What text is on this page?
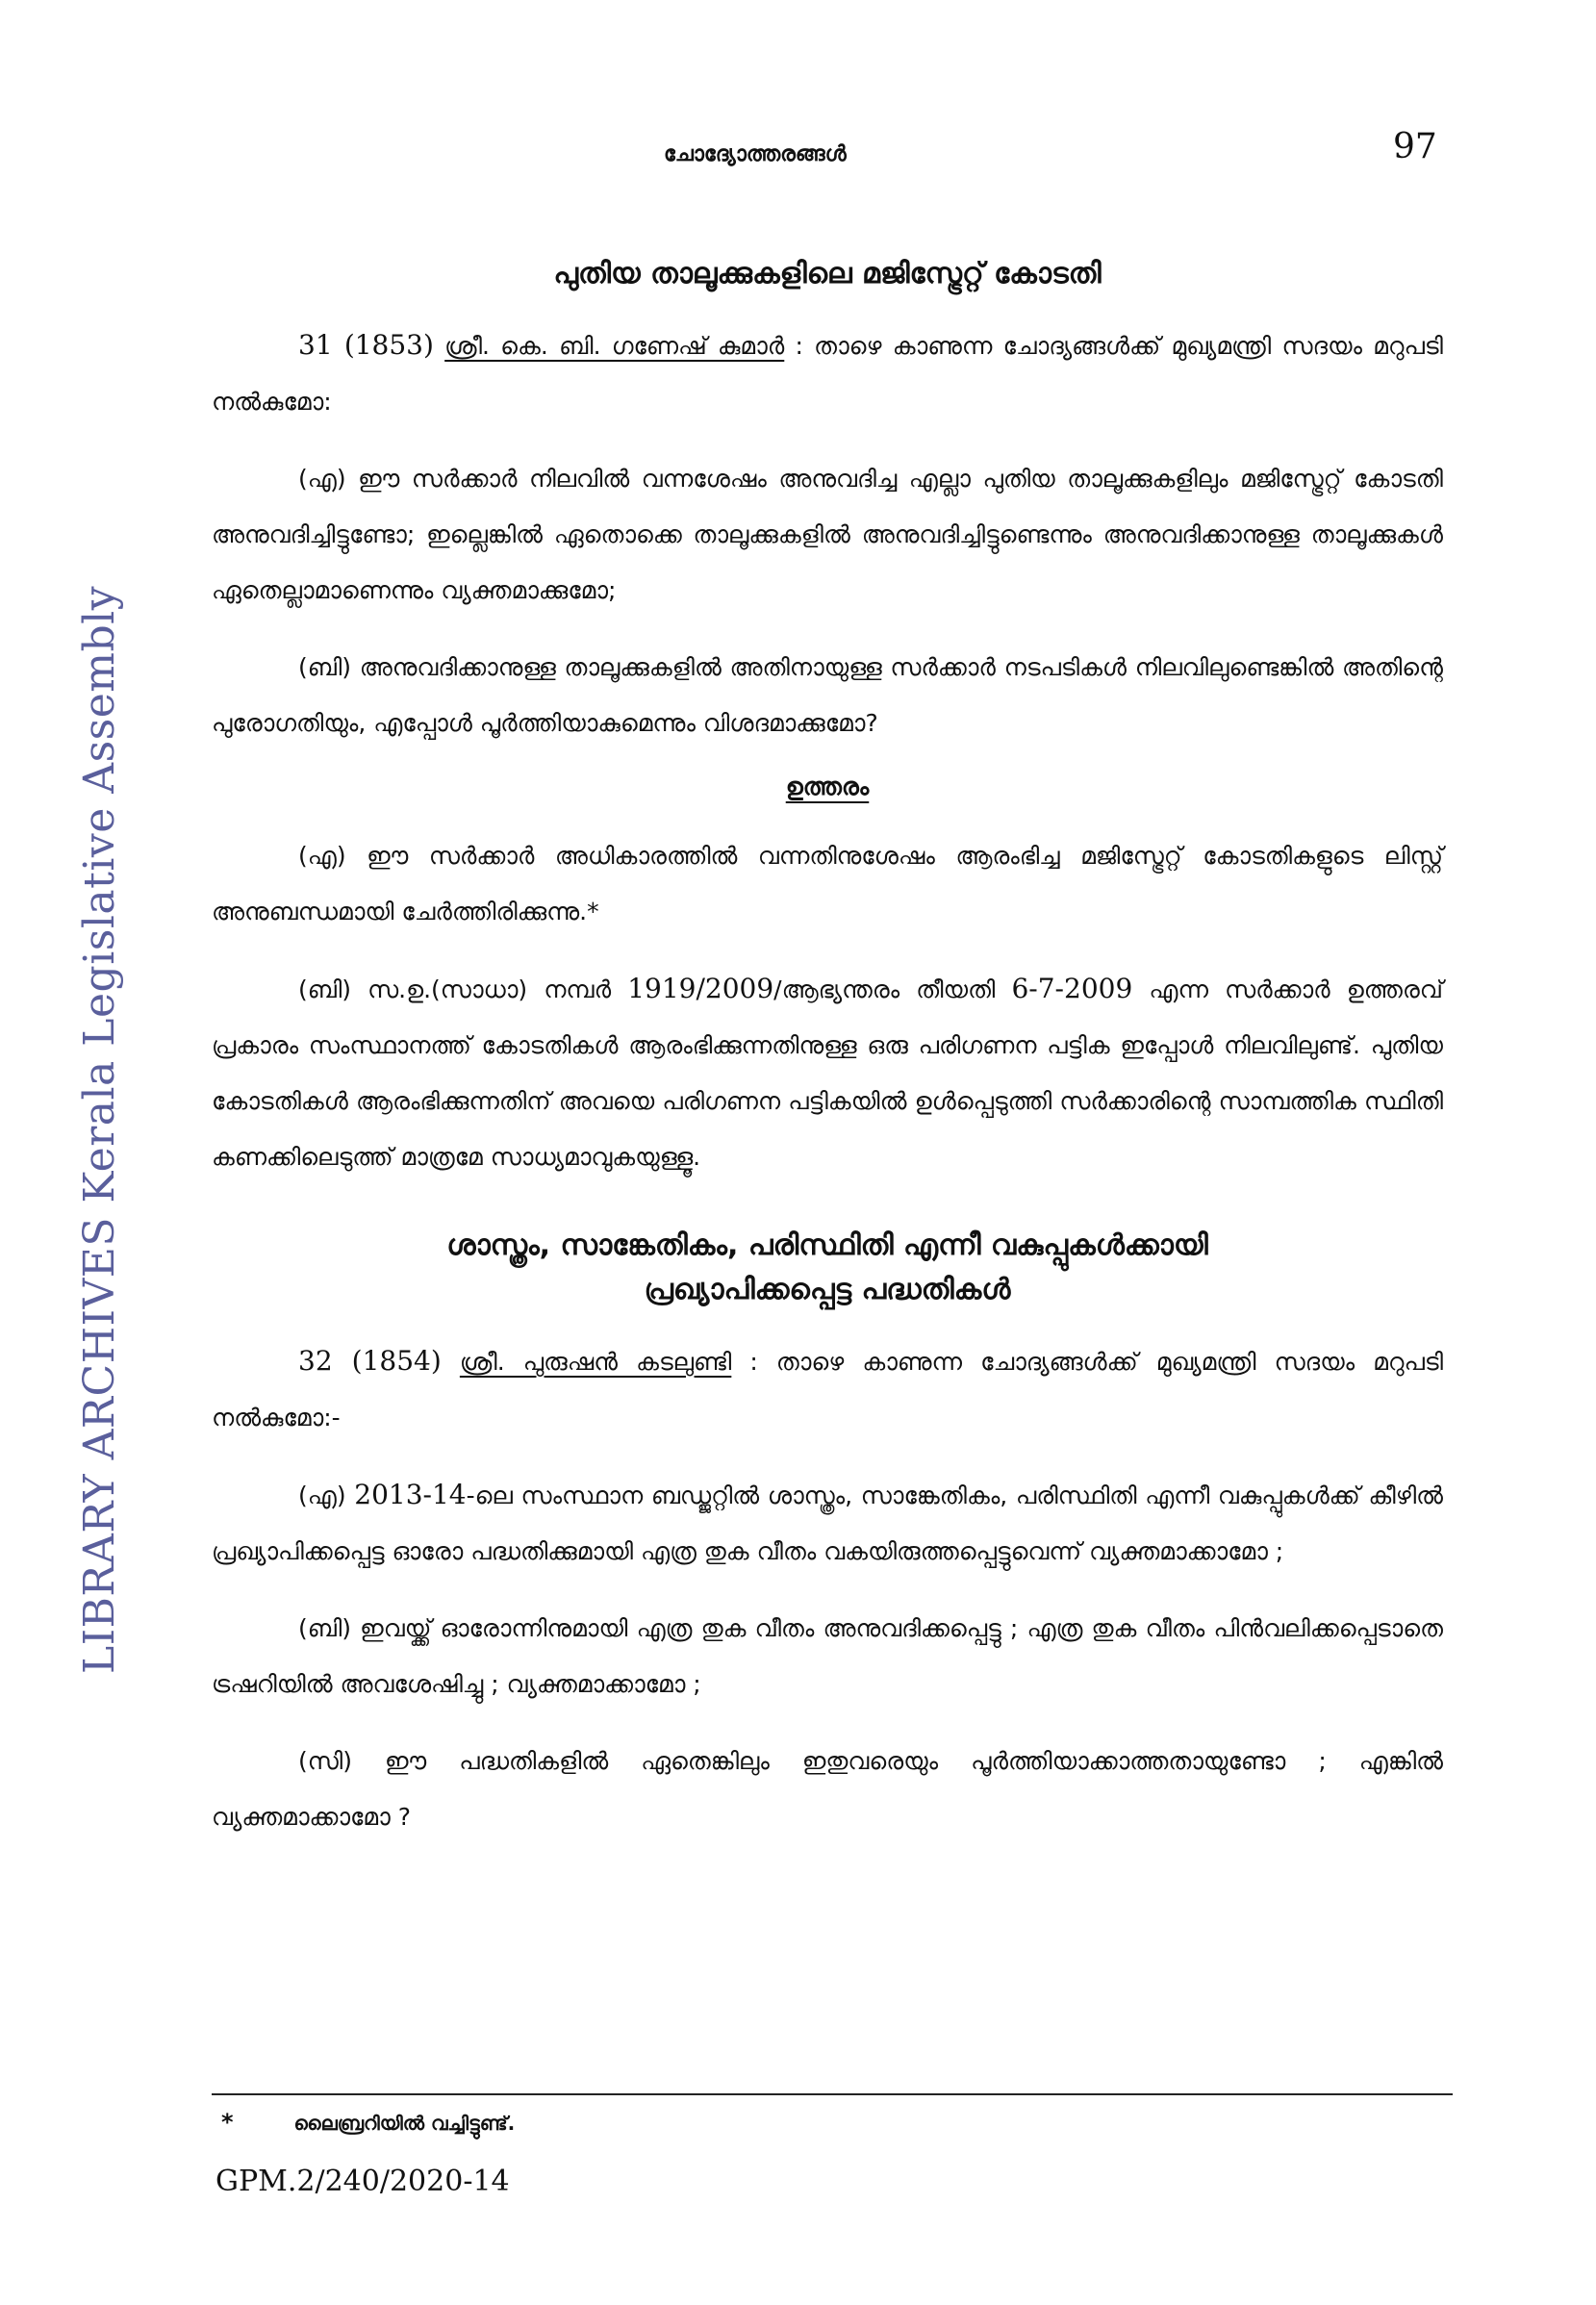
LIBRARY ARCHIVES Kerala Legislative Assembly
ചോദ്യോത്തരങ്ങൾ	97
പുതിയ താലൂക്കുകളിലെ മജിസ്ട്രേറ്റ് കോടതി

31 (1853) ശ്രീ. കെ. ബി. ഗണേഷ് കുമാർ : താഴെ കാണുന്ന ചോദ്യങ്ങൾക്ക് മുഖ്യമന്ത്രി സദയം മറുപടി നൽകുമോ:

(എ) ഈ സർക്കാർ നിലവിൽ വന്നശേഷം അനുവദിച്ച എല്ലാ പുതിയ താലൂക്കുകളിലും മജിസ്ട്രേറ്റ് കോടതി അനുവദിച്ചിട്ടുണ്ടോ; ഇല്ലെങ്കിൽ ഏതൊക്കെ താലൂക്കുകളിൽ അനുവദിച്ചിട്ടുണ്ടെന്നും അനുവദിക്കാനുള്ള താലൂക്കുകൾ ഏതെല്ലാമാണെന്നും വ്യക്തമാക്കുമോ;

(ബി) അനുവദിക്കാനുള്ള താലൂക്കുകളിൽ അതിനായുള്ള സർക്കാർ നടപടികൾ നിലവിലുണ്ടെങ്കിൽ അതിന്റെ പുരോഗതിയും, എപ്പോൾ പൂർത്തിയാകുമെന്നും വിശദമാക്കുമോ?

ഉത്തരം

(എ) ഈ സർക്കാർ അധികാരത്തിൽ വന്നതിനുശേഷം ആരംഭിച്ച മജിസ്ട്രേറ്റ് കോടതികളുടെ ലിസ്റ്റ് അനുബന്ധമായി ചേർത്തിരിക്കുന്നു.*

(ബി) സ.ഉ.(സാധാ) നമ്പർ 1919/2009/ആഭ്യന്തരം തീയതി 6-7-2009 എന്ന സർക്കാർ ഉത്തരവ് പ്രകാരം സംസ്ഥാനത്ത് കോടതികൾ ആരംഭിക്കുന്നതിനുള്ള ഒരു പരിഗണന പട്ടിക ഇപ്പോൾ നിലവിലുണ്ട്. പുതിയ കോടതികൾ ആരംഭിക്കുന്നതിന് അവയെ പരിഗണന പട്ടികയിൽ ഉൾപ്പെടുത്തി സർക്കാരിന്റെ സാമ്പത്തിക സ്ഥിതി കണക്കിലെടുത്ത് മാത്രമേ സാധ്യമാവുകയുള്ളൂ.

ശാസ്ത്രം, സാങ്കേതികം, പരിസ്ഥിതി എന്നീ വകുപ്പുകൾക്കായി
പ്രഖ്യാപിക്കപ്പെട്ട പദ്ധതികൾ

32 (1854) ശ്രീ. പുരുഷൻ കടലുണ്ടി : താഴെ കാണുന്ന ചോദ്യങ്ങൾക്ക് മുഖ്യമന്ത്രി സദയം മറുപടി നൽകുമോ:-

(എ) 2013-14-ലെ സംസ്ഥാന ബഡ്ജറ്റിൽ ശാസ്ത്രം, സാങ്കേതികം, പരിസ്ഥിതി എന്നീ വകുപ്പുകൾക്ക് കീഴിൽ പ്രഖ്യാപിക്കപ്പെട്ട ഓരോ പദ്ധതിക്കുമായി എത്ര തുക വീതം വകയിരുത്തപ്പെട്ടുവെന്ന് വ്യക്തമാക്കാമോ ;

(ബി) ഇവയ്ക്ക് ഓരോന്നിനുമായി എത്ര തുക വീതം അനുവദിക്കപ്പെട്ടു ; എത്ര തുക വീതം പിൻവലിക്കപ്പെടാതെ ട്രഷറിയിൽ അവശേഷിച്ചു ; വ്യക്തമാക്കാമോ ;

(സി) ഈ പദ്ധതികളിൽ ഏതെങ്കിലും ഇതുവരെയും പൂർത്തിയാക്കാത്തതായുണ്ടോ ; എങ്കിൽ വ്യക്തമാക്കാമോ ?

*	ലൈബ്രറിയിൽ വച്ചിട്ടുണ്ട്.
GPM.2/240/2020-14
